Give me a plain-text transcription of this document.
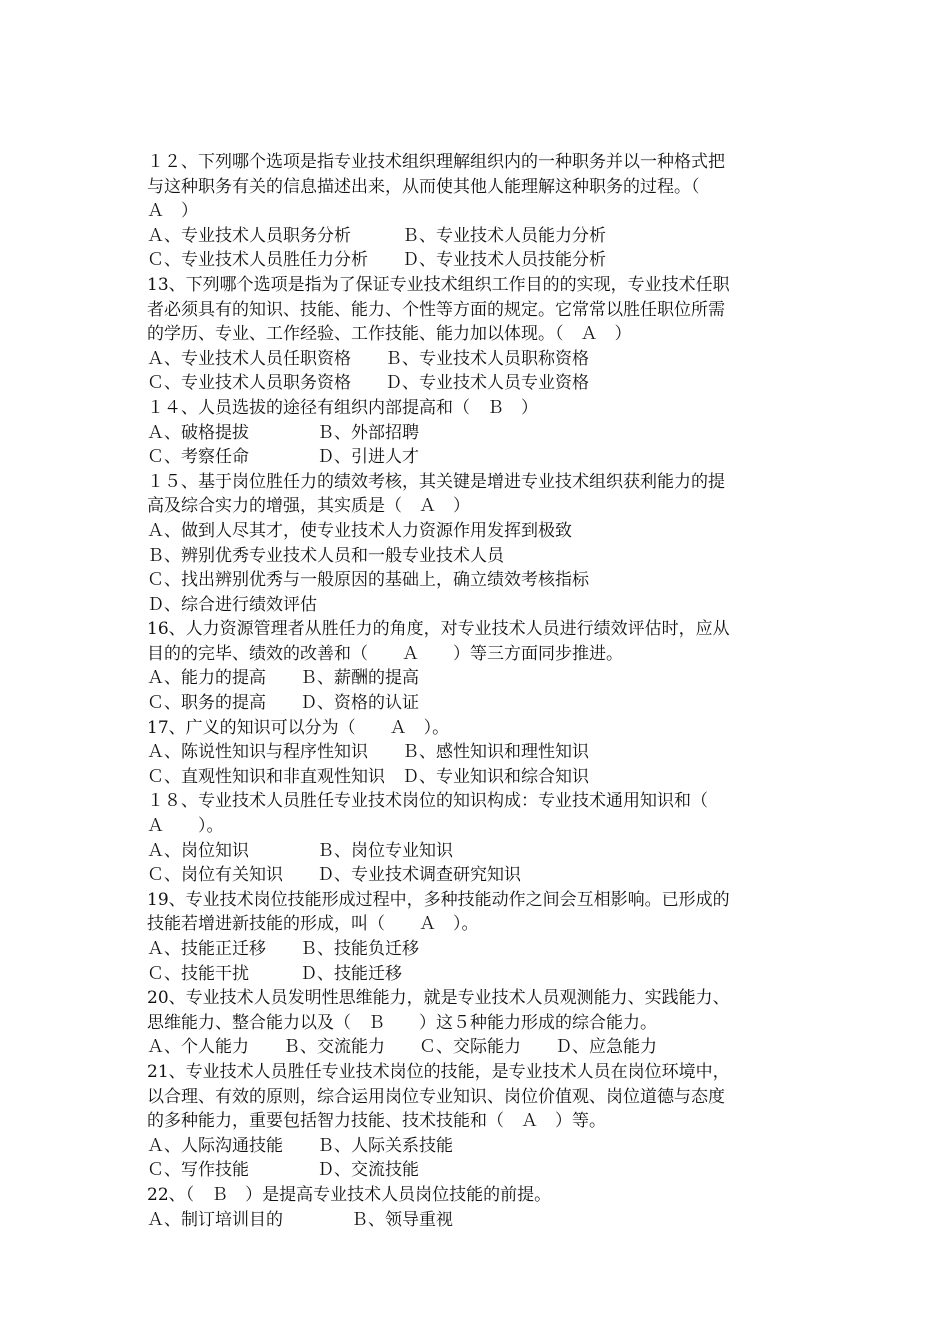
１２、下列哪个选项是指专业技术组织理解组织内的一种职务并以一种格式把
与这种职务有关的信息描述出来，从而使其他人能理解这种职务的过程。（
Ａ　）
Ａ、专业技术人员职务分析　　　Ｂ、专业技术人员能力分析
Ｃ、专业技术人员胜任力分析　　Ｄ、专业技术人员技能分析
13、下列哪个选项是指为了保证专业技术组织工作目的的实现，专业技术任职
者必须具有的知识、技能、能力、个性等方面的规定。它常常以胜任职位所需
的学历、专业、工作经验、工作技能、能力加以体现。（　Ａ　）
Ａ、专业技术人员任职资格　　Ｂ、专业技术人员职称资格
Ｃ、专业技术人员职务资格　　Ｄ、专业技术人员专业资格
１４、人员选拔的途径有组织内部提高和（　Ｂ　）
Ａ、破格提拔　　　　Ｂ、外部招聘
Ｃ、考察任命　　　　Ｄ、引进人才
１５、基于岗位胜任力的绩效考核，其关键是增进专业技术组织获利能力的提
高及综合实力的增强，其实质是（　Ａ　）
Ａ、做到人尽其才，使专业技术人力资源作用发挥到极致
Ｂ、辨别优秀专业技术人员和一般专业技术人员
Ｃ、找出辨别优秀与一般原因的基础上，确立绩效考核指标
Ｄ、综合进行绩效评估
16、人力资源管理者从胜任力的角度，对专业技术人员进行绩效评估时，应从
目的的完毕、绩效的改善和（　　Ａ　　）等三方面同步推进。
Ａ、能力的提高　　Ｂ、薪酬的提高
Ｃ、职务的提高　　Ｄ、资格的认证
17、广义的知识可以分为（　　Ａ　）。
Ａ、陈说性知识与程序性知识　　Ｂ、感性知识和理性知识
Ｃ、直观性知识和非直观性知识　Ｄ、专业知识和综合知识
１８、专业技术人员胜任专业技术岗位的知识构成：专业技术通用知识和（
Ａ　　）。
Ａ、岗位知识　　　　Ｂ、岗位专业知识
Ｃ、岗位有关知识　　Ｄ、专业技术调查研究知识
19、专业技术岗位技能形成过程中，多种技能动作之间会互相影响。已形成的
技能若增进新技能的形成，叫（　　Ａ　）。
Ａ、技能正迁移　　Ｂ、技能负迁移
Ｃ、技能干扰　　　Ｄ、技能迁移
20、专业技术人员发明性思维能力，就是专业技术人员观测能力、实践能力、
思维能力、整合能力以及（　Ｂ　　）这５种能力形成的综合能力。
Ａ、个人能力　　Ｂ、交流能力　　Ｃ、交际能力　　Ｄ、应急能力
21、专业技术人员胜任专业技术岗位的技能，是专业技术人员在岗位环境中，
以合理、有效的原则，综合运用岗位专业知识、岗位价值观、岗位道德与态度
的多种能力，重要包括智力技能、技术技能和（　Ａ　）等。
Ａ、人际沟通技能　　Ｂ、人际关系技能
Ｃ、写作技能　　　　Ｄ、交流技能
22、（　Ｂ　）是提高专业技术人员岗位技能的前提。
Ａ、制订培训目的　　　　Ｂ、领导重视
